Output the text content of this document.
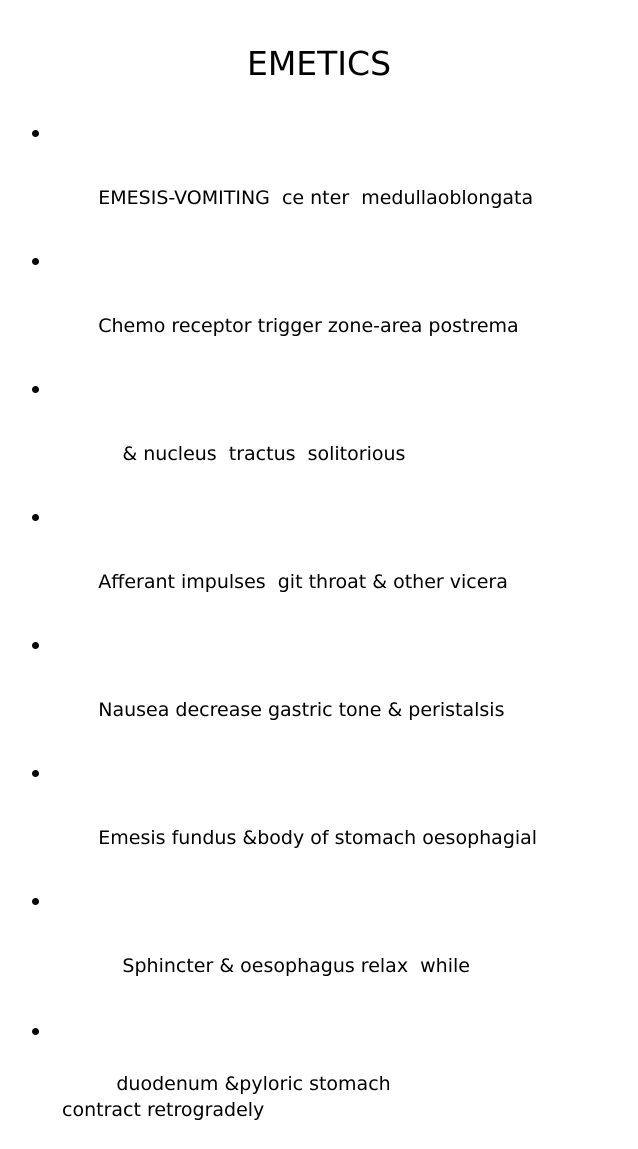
EMETICS

EMESIS-VOMITING  ce nter  medullaoblongata

Chemo receptor trigger zone-area postrema

& nucleus  tractus  solitorious

Afferant impulses  git throat & other vicera

Nausea decrease gastric tone & peristalsis

Emesis fundus &body of stomach oesophagial

Sphincter & oesophagus relax  while

duodenum &pyloric stomach contract retrogradely
